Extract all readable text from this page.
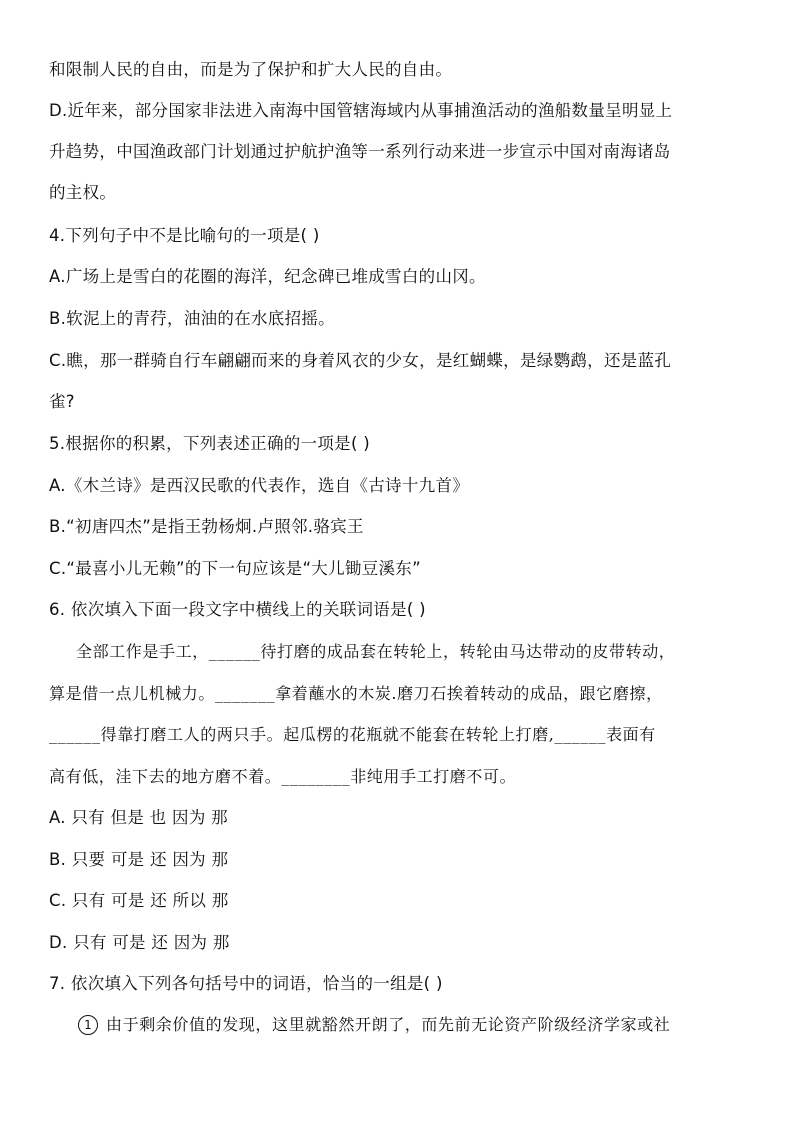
和限制人民的自由，而是为了保护和扩大人民的自由。
D.近年来，部分国家非法进入南海中国管辖海域内从事捕渔活动的渔船数量呈明显上
升趋势，中国渔政部门计划通过护航护渔等一系列行动来进一步宣示中国对南海诸岛
的主权。
4.下列句子中不是比喻句的一项是( )
A.广场上是雪白的花圈的海洋，纪念碑已堆成雪白的山冈。
B.软泥上的青荇，油油的在水底招摇。
C.瞧，那一群骑自行车翩翩而来的身着风衣的少女，是红蝴蝶，是绿鹦鹉，还是蓝孔
雀?
5.根据你的积累，下列表述正确的一项是( )
A.《木兰诗》是西汉民歌的代表作，选自《古诗十九首》
B.“初唐四杰”是指王勃杨炯.卢照邻.骆宾王
C.“最喜小儿无赖”的下一句应该是“大儿锄豆溪东”
6. 依次填入下面一段文字中横线上的关联词语是( )
全部工作是手工，______待打磨的成品套在转轮上，转轮由马达带动的皮带转动，
算是借一点儿机械力。_______拿着蘸水的木炭.磨刀石挨着转动的成品，跟它磨擦，
______得靠打磨工人的两只手。起瓜楞的花瓶就不能套在转轮上打磨,______表面有
高有低，洼下去的地方磨不着。________非纯用手工打磨不可。
A. 只有 但是 也 因为 那
B. 只要 可是 还 因为 那
C. 只有 可是 还 所以 那
D. 只有 可是 还 因为 那
7. 依次填入下列各句括号中的词语，恰当的一组是( )
1 由于剩余价值的发现，这里就豁然开朗了，而先前无论资产阶级经济学家或社
